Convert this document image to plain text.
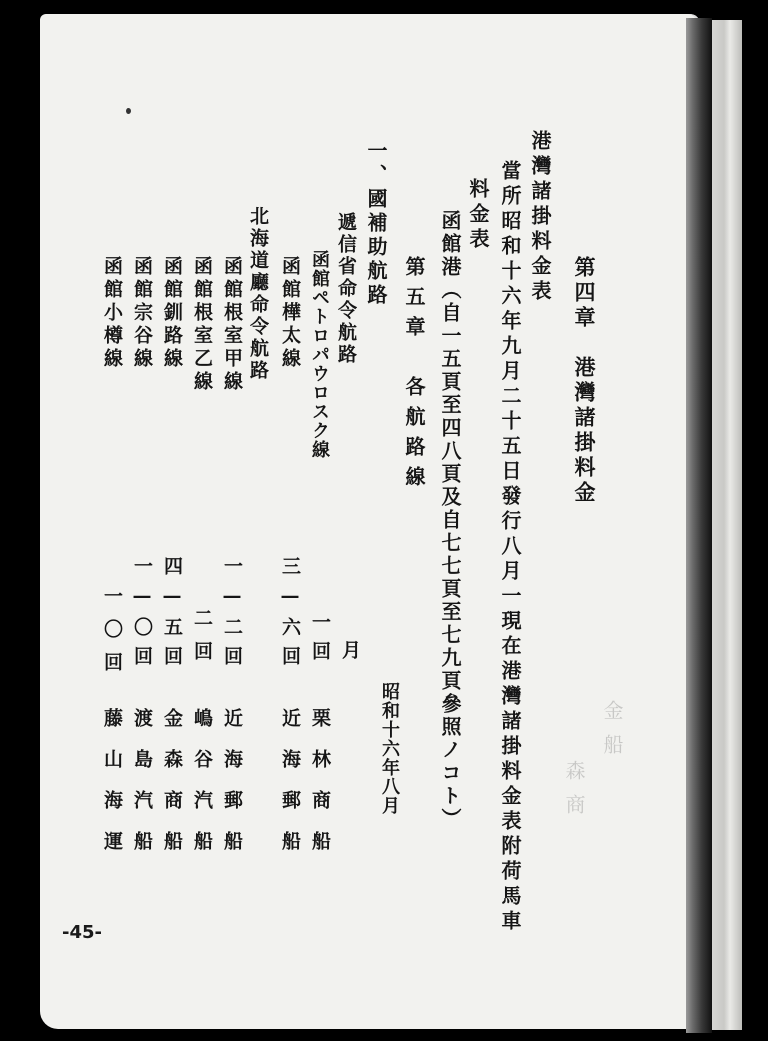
金船
森商
第四章　港灣諸掛料金
港灣諸掛料金表
當所昭和十六年九月二十五日發行八月一現在港灣諸掛料金表附荷馬車
料金表
函館港（自一五頁至四八頁及自七七頁至七九頁參照ノコト）
第五章　各航路線
昭和十六年八月
一、國補助航路
月
遞信省命令航路
函館ペトロパウロスク線
一回
栗林商船
函館樺太線
三—六回
近海郵船
北海道廳命令航路
函館根室甲線
一—二回
近海郵船
函館根室乙線
二回
嶋谷汽船
函館釧路線
四—五回
金森商船
函館宗谷線
一—〇回
渡島汽船
函館小樽線
一〇回
藤山海運
-45-
